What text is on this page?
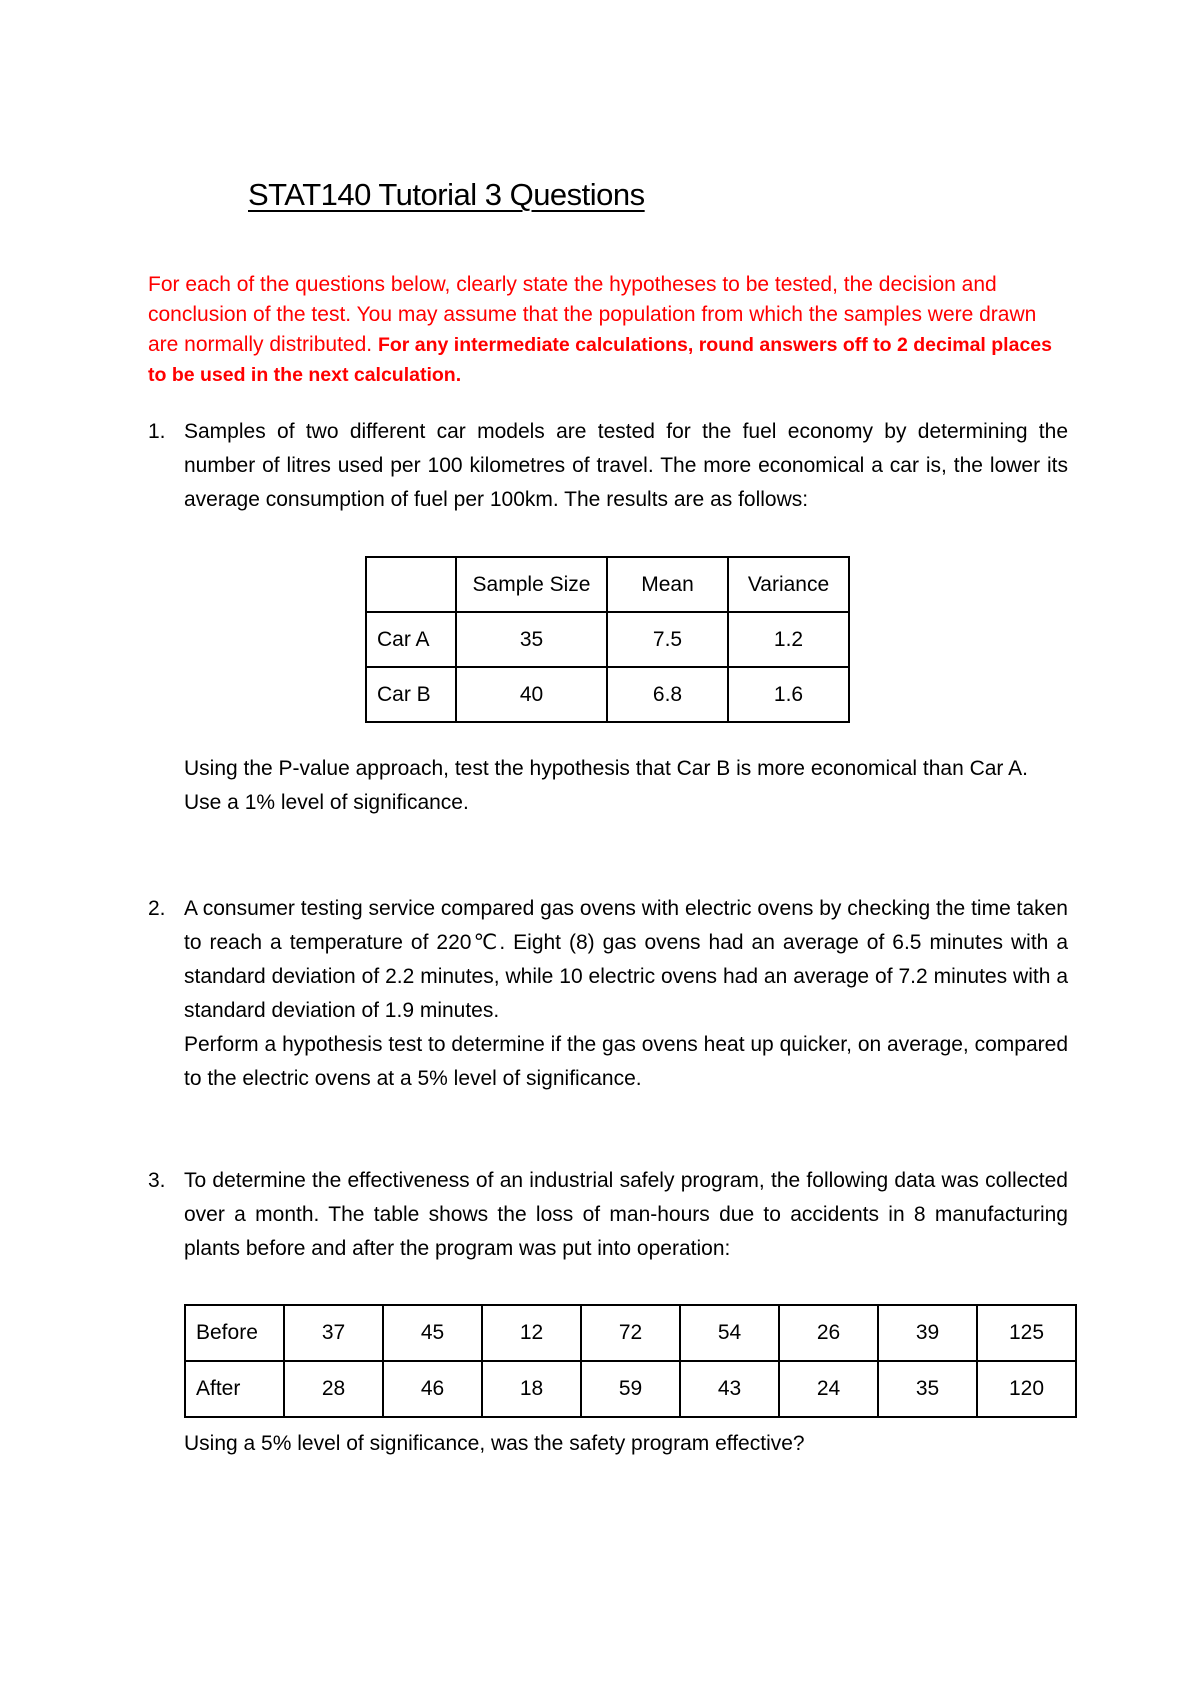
STAT140 Tutorial 3 Questions
For each of the questions below, clearly state the hypotheses to be tested, the decision and conclusion of the test. You may assume that the population from which the samples were drawn are normally distributed. For any intermediate calculations, round answers off to 2 decimal places to be used in the next calculation.
1. Samples of two different car models are tested for the fuel economy by determining the number of litres used per 100 kilometres of travel. The more economical a car is, the lower its average consumption of fuel per 100km. The results are as follows:

	Sample Size	Mean	Variance
Car A	35	7.5	1.2
Car B	40	6.8	1.6
Using the P-value approach, test the hypothesis that Car B is more economical than Car A. Use a 1% level of significance.
2. A consumer testing service compared gas ovens with electric ovens by checking the time taken to reach a temperature of 220℃. Eight (8) gas ovens had an average of 6.5 minutes with a standard deviation of 2.2 minutes, while 10 electric ovens had an average of 7.2 minutes with a standard deviation of 1.9 minutes.

Perform a hypothesis test to determine if the gas ovens heat up quicker, on average, compared to the electric ovens at a 5% level of significance.

3. To determine the effectiveness of an industrial safely program, the following data was collected over a month. The table shows the loss of man-hours due to accidents in 8 manufacturing plants before and after the program was put into operation:

Before	37	45	12	72	54	26	39	125
After	28	46	18	59	43	24	35	120
Using a 5% level of significance, was the safety program effective?
